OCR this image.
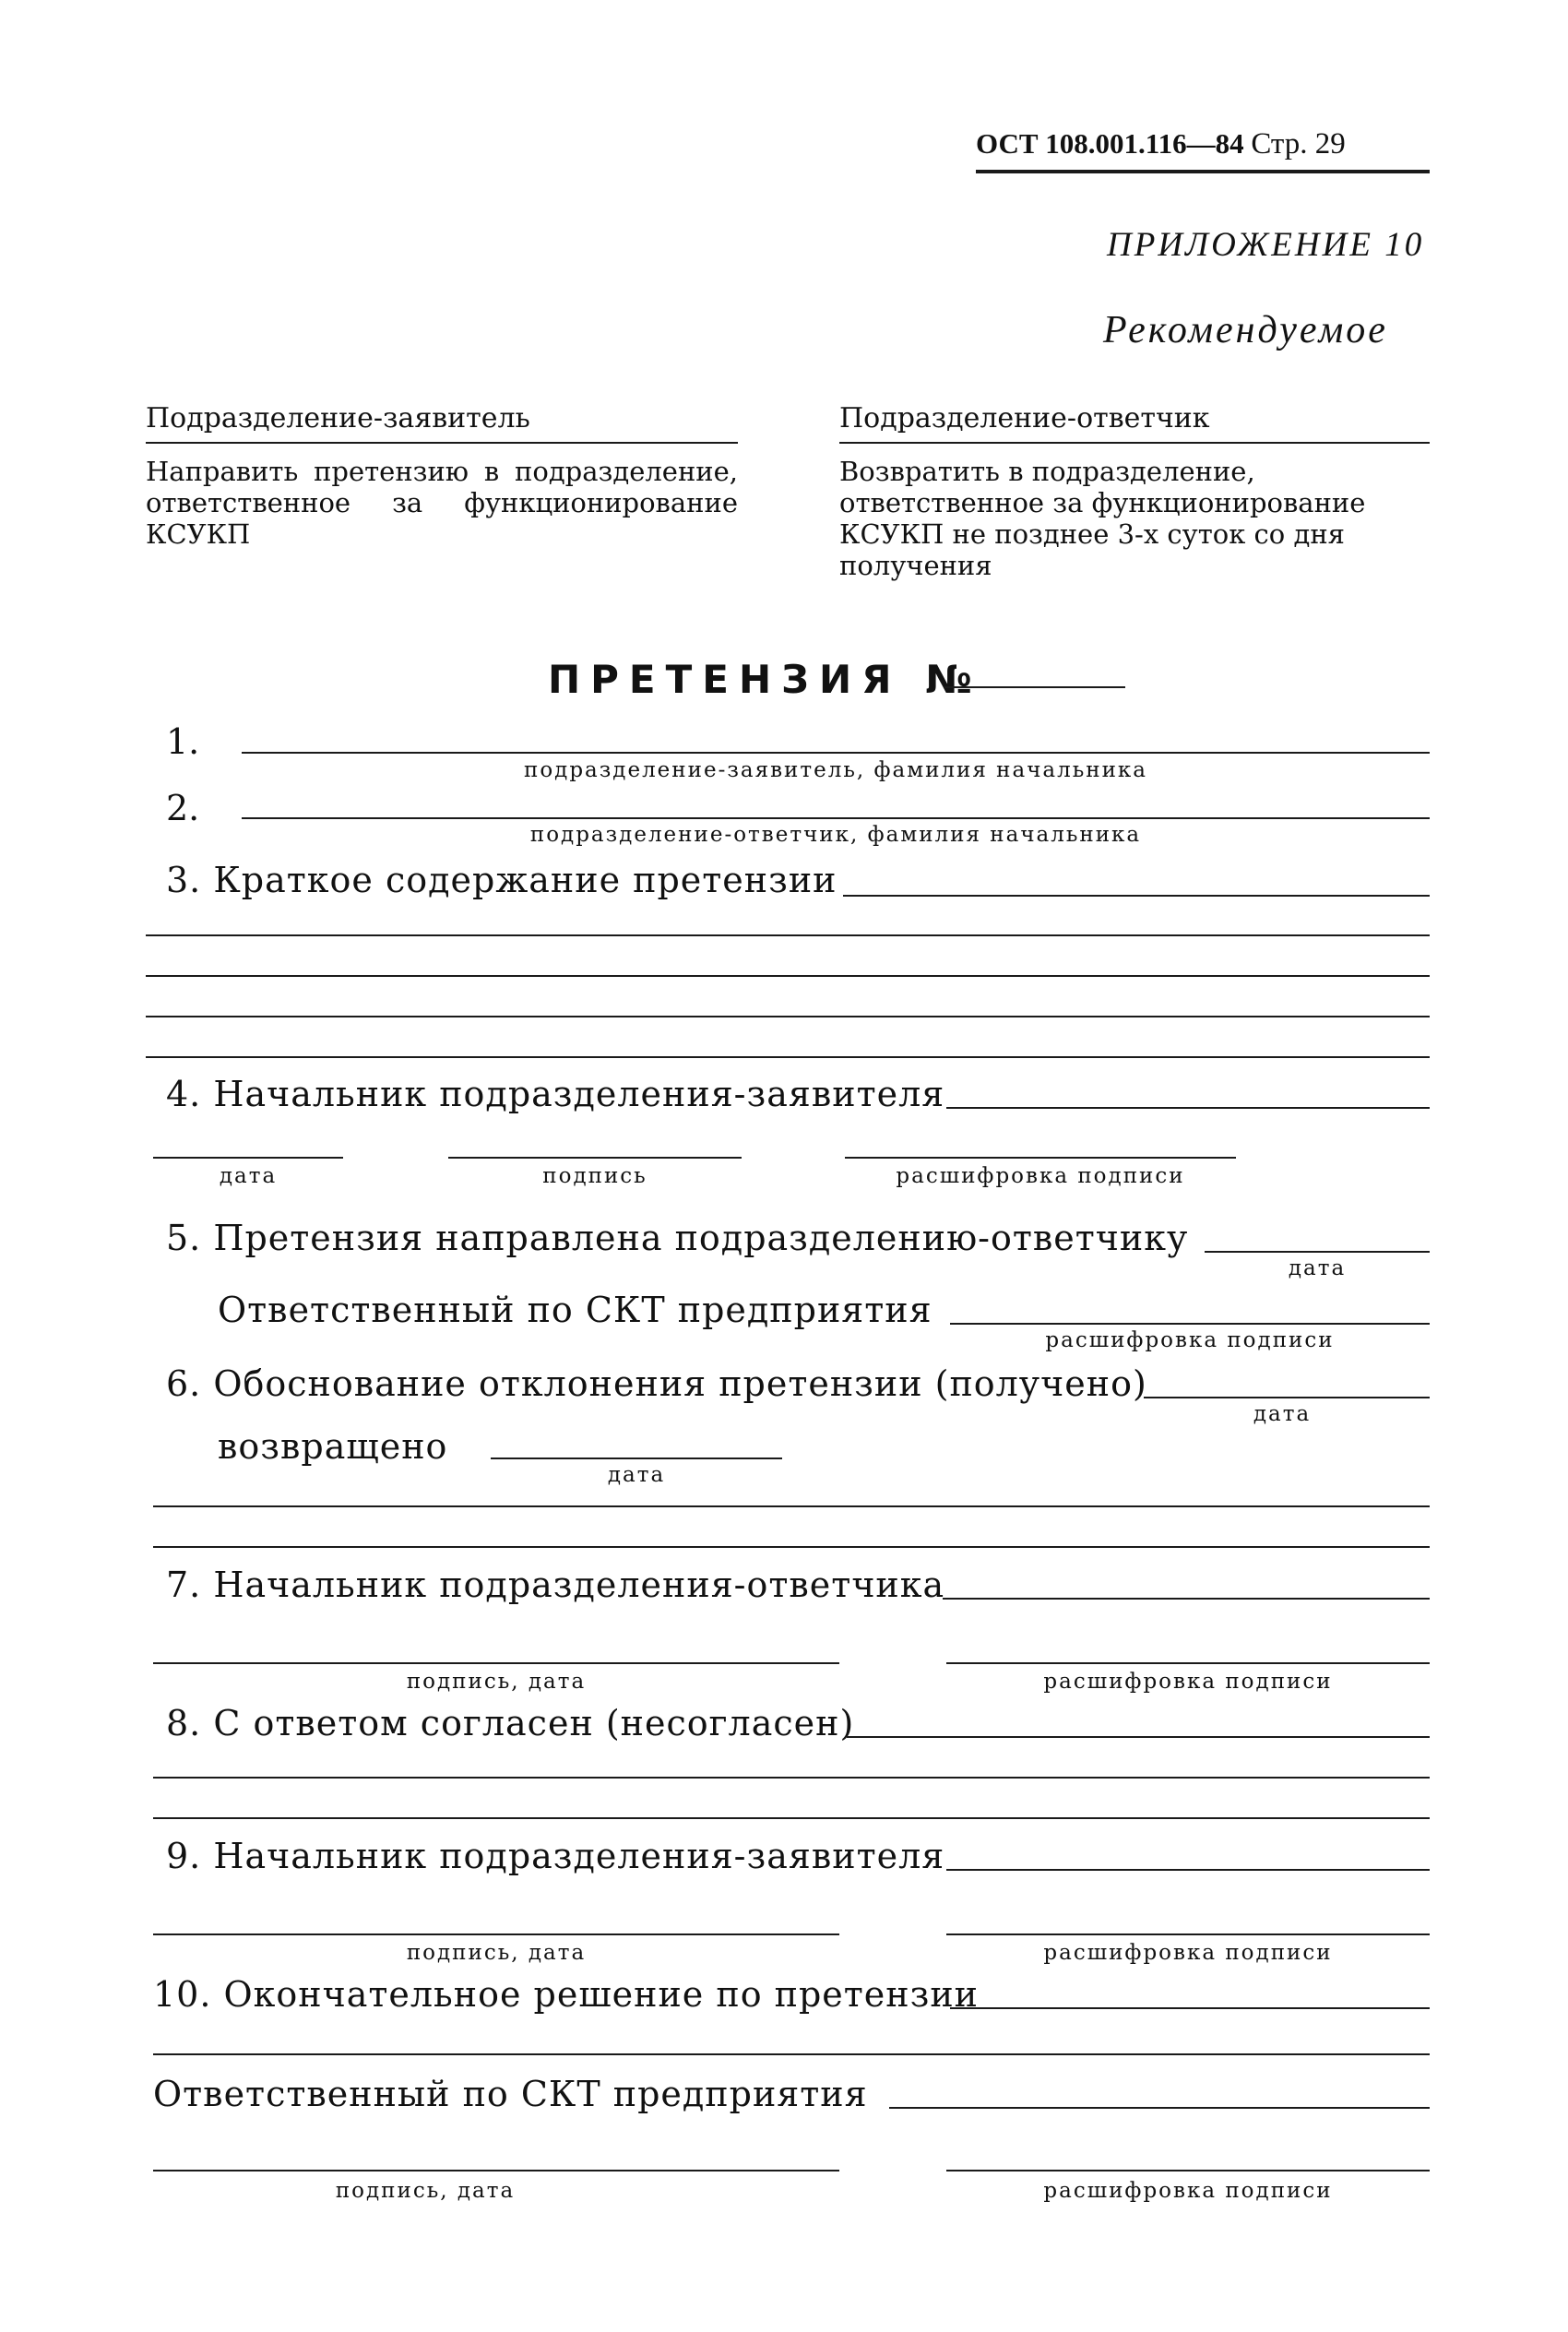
ОСТ 108.001.116—84 Стр. 29
ПРИЛОЖЕНИЕ 10
Рекомендуемое
Подразделение-заявитель
Направить претензию в подразделение, ответственное за функционирование КСУКП
Подразделение-ответчик
Возвратить в подразделение, ответственное за функционирование КСУКП не позднее 3-х суток со дня получения
ПРЕТЕНЗИЯ №
1.
подразделение-заявитель, фамилия начальника
2.
подразделение-ответчик, фамилия начальника
3. Краткое содержание претензии
4. Начальник подразделения-заявителя
дата	подпись	расшифровка подписи
5. Претензия направлена подразделению-ответчику
дата
Ответственный по СКТ предприятия
расшифровка подписи
6. Обоснование отклонения претензии (получено)
дата
возвращено
дата
7. Начальник подразделения-ответчика
подпись, дата	расшифровка подписи
8. С ответом согласен (несогласен)
9. Начальник подразделения-заявителя
подпись, дата	расшифровка подписи
10. Окончательное решение по претензии
Ответственный по СКТ предприятия
подпись, дата	расшифровка подписи
